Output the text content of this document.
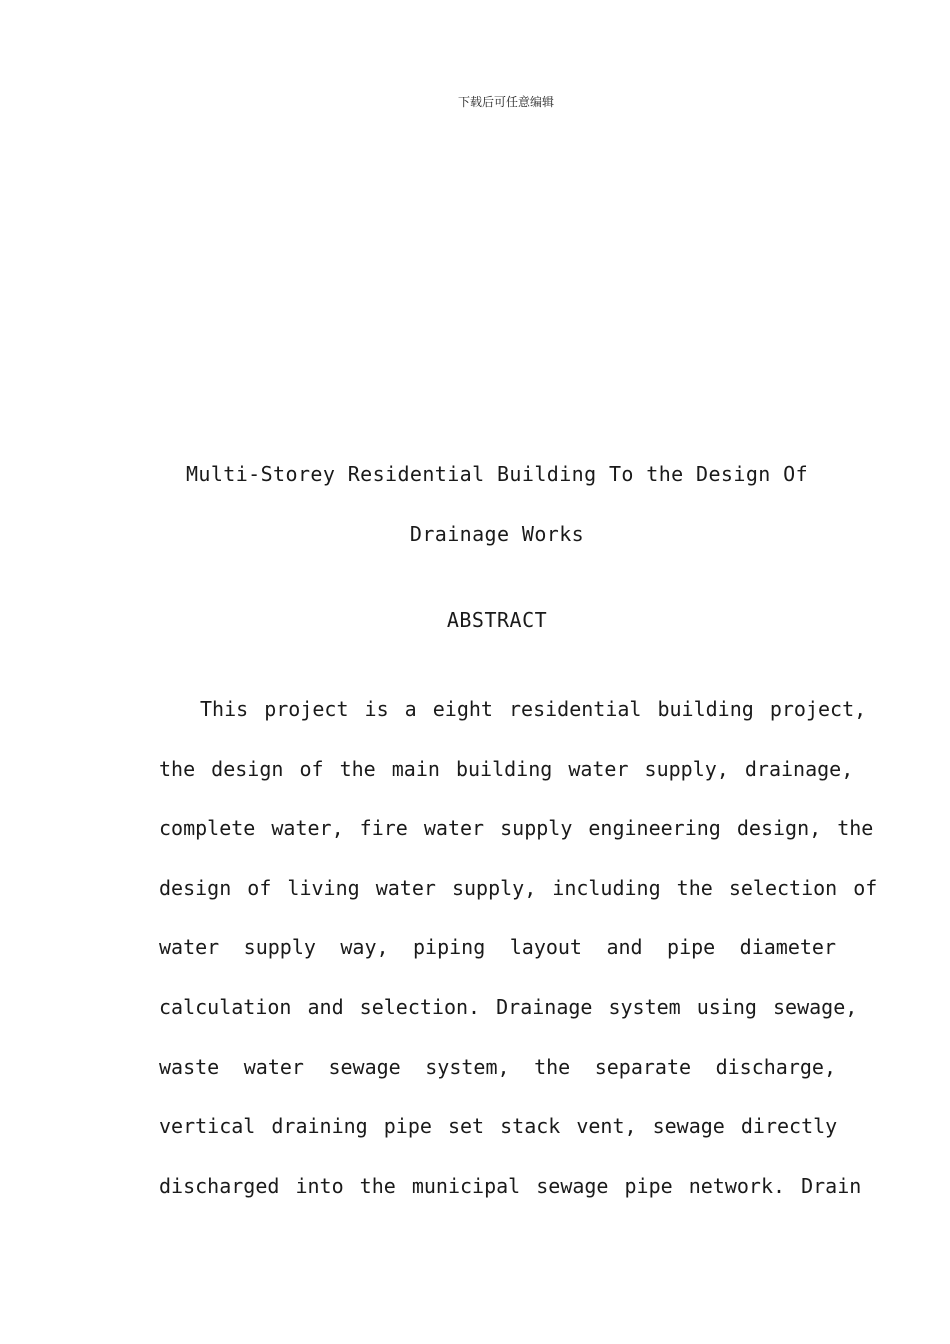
下载后可任意编辑
Multi-Storey Residential Building To the Design Of
Drainage Works
ABSTRACT
This project is a eight residential building project,
the design of the main building water supply, drainage,
complete water, fire water supply engineering design, the
design of living water supply, including the selection of
water supply way, piping layout and pipe diameter
calculation and selection. Drainage system using sewage,
waste water sewage system, the separate discharge,
vertical draining pipe set stack vent, sewage directly
discharged into the municipal sewage pipe network. Drain
